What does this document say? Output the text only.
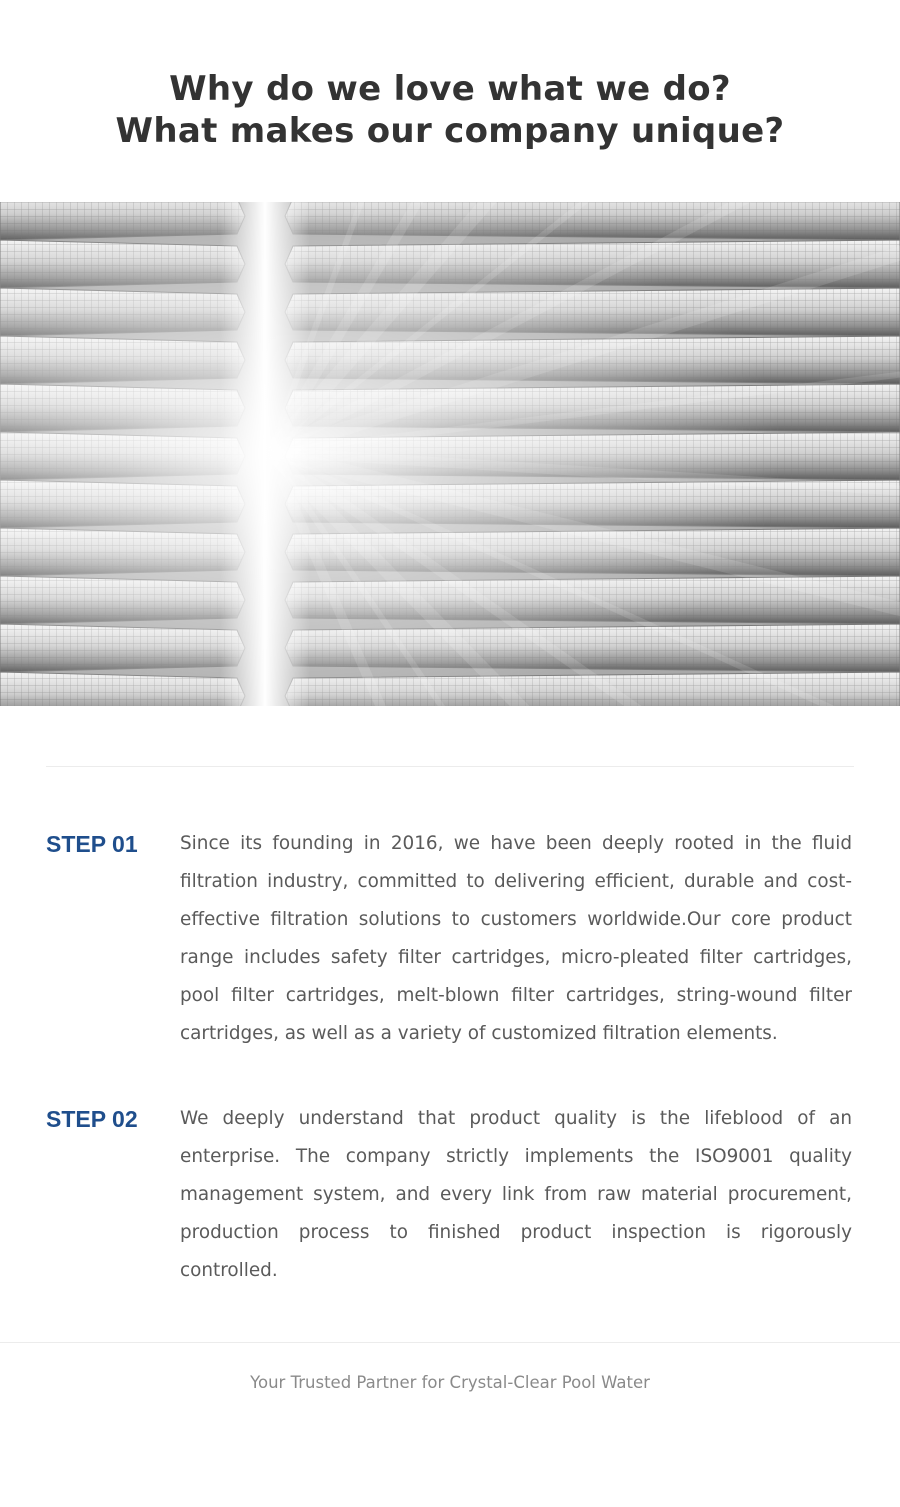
Why do we love what we do?
What makes our company unique?
STEP 01 Since its founding in 2016, we have been deeply rooted in the fluid filtration industry, committed to delivering efficient, durable and cost-effective filtration solutions to customers worldwide.Our core product range includes safety filter cartridges, micro-pleated filter cartridges, pool filter cartridges, melt-blown filter cartridges, string-wound filter cartridges, as well as a variety of customized filtration elements.

STEP 02 We deeply understand that product quality is the lifeblood of an enterprise. The company strictly implements the ISO9001 quality management system, and every link from raw material procurement, production process to finished product inspection is rigorously controlled.

Your Trusted Partner for Crystal-Clear Pool Water
